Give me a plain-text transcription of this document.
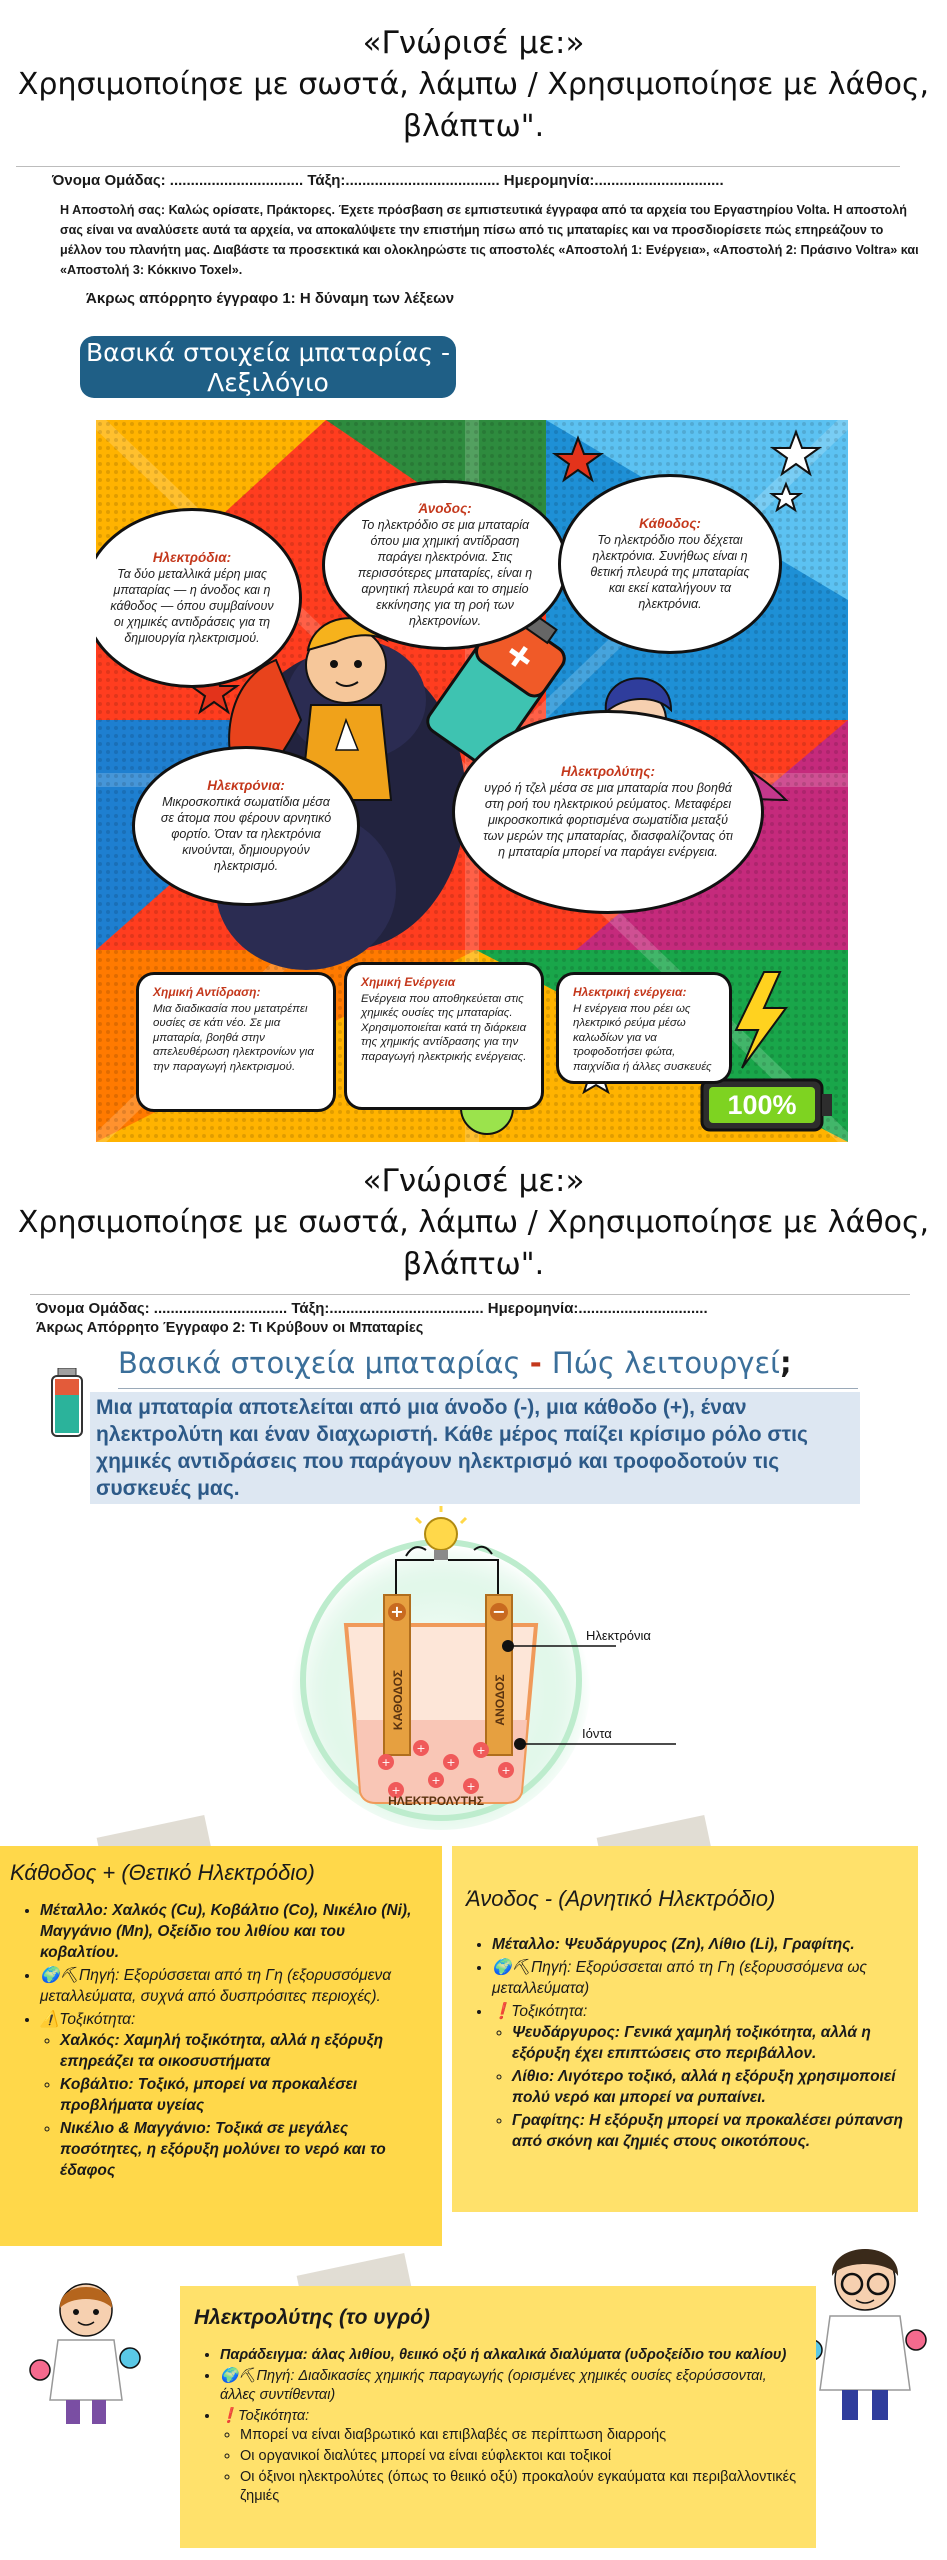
«Γνώρισέ με:»
Χρησιμοποίησε με σωστά, λάμπω / Χρησιμοποίησε με λάθος,
βλάπτω".
Όνομα Ομάδας: ................................ Τάξη:..................................... Ημερομηνία:...............................
Η Αποστολή σας: Καλώς ορίσατε, Πράκτορες. Έχετε πρόσβαση σε εμπιστευτικά έγγραφα από τα αρχεία του Εργαστηρίου Volta. Η αποστολή σας είναι να αναλύσετε αυτά τα αρχεία, να αποκαλύψετε την επιστήμη πίσω από τις μπαταρίες και να προσδιορίσετε πώς επηρεάζουν το μέλλον του πλανήτη μας. Διαβάστε τα προσεκτικά και ολοκληρώστε τις αποστολές «Αποστολή 1: Ενέργεια», «Αποστολή 2: Πράσινο Voltra» και «Αποστολή 3: Κόκκινο Toxel».
Άκρως απόρρητο έγγραφο 1: Η δύναμη των λέξεων
Βασικά στοιχεία μπαταρίας -
Λεξιλόγιο
Ηλεκτρόδια:
Τα δύο μεταλλικά μέρη μιας μπαταρίας — η άνοδος και η κάθοδος — όπου συμβαίνουν οι χημικές αντιδράσεις για τη δημιουργία ηλεκτρισμού.
Άνοδος:
Το ηλεκτρόδιο σε μια μπαταρία όπου μια χημική αντίδραση παράγει ηλεκτρόνια. Στις περισσότερες μπαταρίες, είναι η αρνητική πλευρά και το σημείο εκκίνησης για τη ροή των ηλεκτρονίων.
Κάθοδος:
Το ηλεκτρόδιο που δέχεται ηλεκτρόνια. Συνήθως είναι η θετική πλευρά της μπαταρίας και εκεί καταλήγουν τα ηλεκτρόνια.
Ηλεκτρόνια:
Μικροσκοπικά σωματίδια μέσα σε άτομα που φέρουν αρνητικό φορτίο. Όταν τα ηλεκτρόνια κινούνται, δημιουργούν ηλεκτρισμό.
Ηλεκτρολύτης:
υγρό ή τζελ μέσα σε μια μπαταρία που βοηθά στη ροή του ηλεκτρικού ρεύματος. Μεταφέρει μικροσκοπικά φορτισμένα σωματίδια μεταξύ των μερών της μπαταρίας, διασφαλίζοντας ότι η μπαταρία μπορεί να παράγει ενέργεια.
Χημική Αντίδραση:
Μια διαδικασία που μετατρέπει ουσίες σε κάτι νέο. Σε μια μπαταρία, βοηθά στην απελευθέρωση ηλεκτρονίων για την παραγωγή ηλεκτρισμού.
Χημική Ενέργεια
Ενέργεια που αποθηκεύεται στις χημικές ουσίες της μπαταρίας. Χρησιμοποιείται κατά τη διάρκεια της χημικής αντίδρασης για την παραγωγή ηλεκτρικής ενέργειας.
Ηλεκτρική ενέργεια:
Η ενέργεια που ρέει ως ηλεκτρικό ρεύμα μέσω καλωδίων για να τροφοδοτήσει φώτα, παιχνίδια ή άλλες συσκευές
100%
«Γνώρισέ με:»
Χρησιμοποίησε με σωστά, λάμπω / Χρησιμοποίησε με λάθος,
βλάπτω".
Όνομα Ομάδας: ................................ Τάξη:..................................... Ημερομηνία:...............................
Άκρως Απόρρητο Έγγραφο 2: Τι Κρύβουν οι Μπαταρίες
Βασικά στοιχεία μπαταρίας - Πώς λειτουργεί;
Μια μπαταρία αποτελείται από μια άνοδο (-), μια κάθοδο (+), έναν ηλεκτρολύτη και έναν διαχωριστή. Κάθε μέρος παίζει κρίσιμο ρόλο στις χημικές αντιδράσεις που παράγουν ηλεκτρισμό και τροφοδοτούν τις συσκευές μας.
+
+
+
+
+
+	+
+
+	−
ΚΑΘΟΔΟΣ	ΑΝΟΔΟΣ
ΗΛΕΚΤΡΟΛΥΤΗΣ
Ηλεκτρόνια
Ιόντα
Κάθοδος + (Θετικό Ηλεκτρόδιο)
• Μέταλλο: Χαλκός (Cu), Κοβάλτιο (Co), Νικέλιο (Ni), Μαγγάνιο (Mn), Οξείδιο του λιθίου και του κοβαλτίου.
• 🌍⛏Πηγή: Εξορύσσεται από τη Γη (εξορυσσόμενα μεταλλεύματα, συχνά από δυσπρόσιτες περιοχές).
• ⚠️Τοξικότητα:
◦ Χαλκός: Χαμηλή τοξικότητα, αλλά η εξόρυξη επηρεάζει τα οικοσυστήματα
◦ Κοβάλτιο: Τοξικό, μπορεί να προκαλέσει προβλήματα υγείας
◦ Νικέλιο & Μαγγάνιο: Τοξικά σε μεγάλες ποσότητες, η εξόρυξη μολύνει το νερό και το έδαφος
Άνοδος - (Αρνητικό Ηλεκτρόδιο)
• Μέταλλο: Ψευδάργυρος (Zn), Λίθιο (Li), Γραφίτης.
• 🌍⛏Πηγή: Εξορύσσεται από τη Γη (εξορυσσόμενα ως μεταλλεύματα)
• ❗Τοξικότητα:
◦ Ψευδάργυρος: Γενικά χαμηλή τοξικότητα, αλλά η εξόρυξη έχει επιπτώσεις στο περιβάλλον.
◦ Λίθιο: Λιγότερο τοξικό, αλλά η εξόρυξη χρησιμοποιεί πολύ νερό και μπορεί να ρυπαίνει.
◦ Γραφίτης: Η εξόρυξη μπορεί να προκαλέσει ρύπανση από σκόνη και ζημιές στους οικοτόπους.
Ηλεκτρολύτης (το υγρό)
• Παράδειγμα: άλας λιθίου, θειικό οξύ ή αλκαλικά διαλύματα (υδροξείδιο του καλίου)
• 🌍⛏Πηγή: Διαδικασίες χημικής παραγωγής (ορισμένες χημικές ουσίες εξορύσσονται, άλλες συντίθενται)
• ❗Τοξικότητα:
◦ Μπορεί να είναι διαβρωτικό και επιβλαβές σε περίπτωση διαρροής
◦ Οι οργανικοί διαλύτες μπορεί να είναι εύφλεκτοι και τοξικοί
◦ Οι όξινοι ηλεκτρολύτες (όπως το θειικό οξύ) προκαλούν εγκαύματα και περιβαλλοντικές ζημιές
